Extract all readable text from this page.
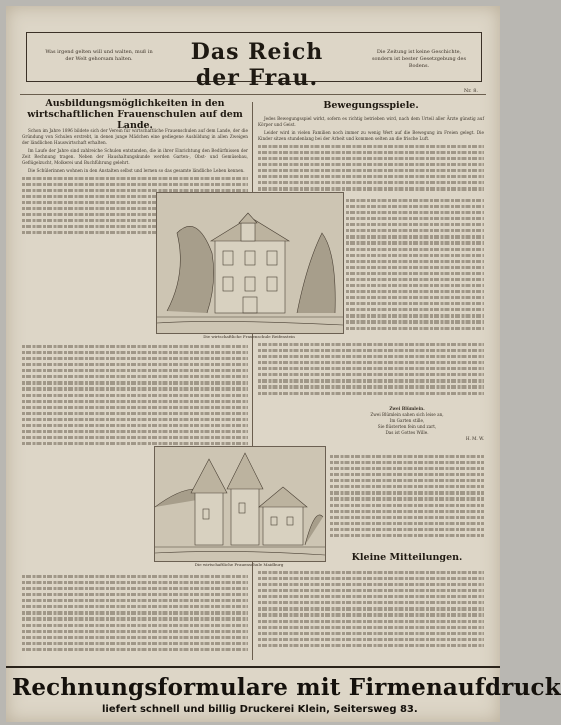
Was irgend gelten will und walten, muß in der Welt gehorsam halten.	Das Reich der Frau.
Die Zeitung ist keine Geschichte, sondern ist bester Gesetzgebung des Bodens.
Nr. 8.
Ausbildungsmöglichkeiten in den wirtschaftlichen Frauenschulen auf dem Lande.

Schon im Jahre 1896 bildete sich der Verein für wirtschaftliche Frauenschulen auf dem Lande, der die Gründung von Schulen erstrebt, in denen junge Mädchen eine gediegene Ausbildung in allen Zweigen der ländlichen Hauswirtschaft erhalten.

Im Laufe der Jahre sind zahlreiche Schulen entstanden, die in ihrer Einrichtung den Bedürfnissen der Zeit Rechnung tragen. Neben der Haushaltungskunde werden Garten-, Obst- und Gemüsebau, Geflügelzucht, Molkerei und Buchführung gelehrt.

Die Schülerinnen wohnen in den Anstalten selbst und lernen so das gesamte ländliche Leben kennen.

Die wirtschaftliche Frauenschule Reifenstein
Die wirtschaftliche Frauenschule Maidburg
Bewegungsspiele.

Jedes Bewegungsspiel wirkt, sofern es richtig betrieben wird, nach dem Urteil aller Ärzte günstig auf Körper und Geist.

Leider wird in vielen Familien noch immer zu wenig Wert auf die Bewegung im Freien gelegt. Die Kinder sitzen stundenlang bei der Arbeit und kommen selten an die frische Luft.

Zwei Blümlein.
Zwei Blümlein sahen sich leise an,
Im Garten stille,
Sie flüsterten fein und zart,
Das ist Gottes Wille.
H. M. W.
Kleine Mitteilungen.
Rechnungsformulare mit Firmenaufdruck
liefert schnell und billig Druckerei Klein, Seitersweg 83.
